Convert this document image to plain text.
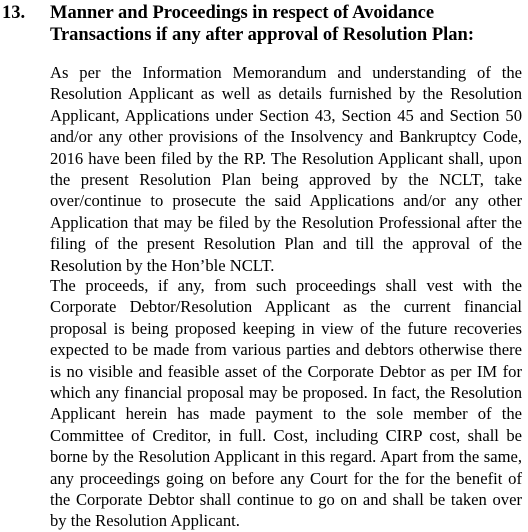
13. Manner and Proceedings in respect of Avoidance Transactions if any after approval of Resolution Plan:

As per the Information Memorandum and understanding of the Resolution Applicant as well as details furnished by the Resolution Applicant, Applications under Section 43, Section 45 and Section 50 and/or any other provisions of the Insolvency and Bankruptcy Code, 2016 have been filed by the RP. The Resolution Applicant shall, upon the present Resolution Plan being approved by the NCLT, take over/continue to prosecute the said Applications and/or any other Application that may be filed by the Resolution Professional after the filing of the present Resolution Plan and till the approval of the Resolution by the Hon’ble NCLT.

The proceeds, if any, from such proceedings shall vest with the Corporate Debtor/Resolution Applicant as the current financial proposal is being proposed keeping in view of the future recoveries expected to be made from various parties and debtors otherwise there is no visible and feasible asset of the Corporate Debtor as per IM for which any financial proposal may be proposed. In fact, the Resolution Applicant herein has made payment to the sole member of the Committee of Creditor, in full. Cost, including CIRP cost, shall be borne by the Resolution Applicant in this regard. Apart from the same, any proceedings going on before any Court for the for the benefit of the Corporate Debtor shall continue to go on and shall be taken over by the Resolution Applicant.
